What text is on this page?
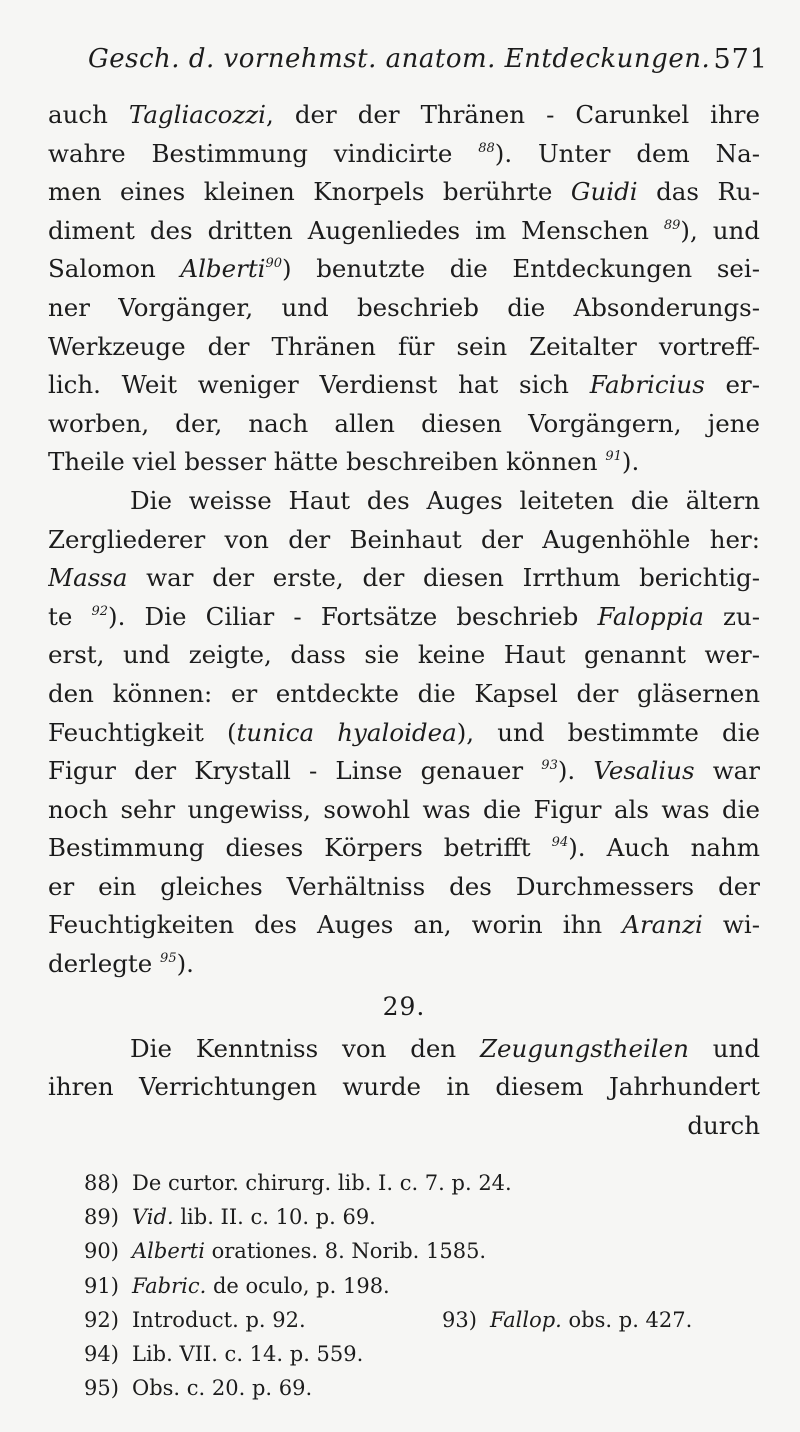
Gesch. d. vornehmst. anatom. Entdeckungen. 571
auch Tagliacozzi, der der Thränen - Carunkel ihre
wahre Bestimmung vindicirte $^{88}$). Unter dem Na-
men eines kleinen Knorpels berührte Guidi das Ru-
diment des dritten Augenliedes im Menschen $^{89}$), und
Salomon Alberti$^{90}$) benutzte die Entdeckungen sei-
ner Vorgänger, und beschrieb die Absonderungs-
Werkzeuge der Thränen für sein Zeitalter vortreff-
lich. Weit weniger Verdienst hat sich Fabricius er-
worben, der, nach allen diesen Vorgängern, jene
Theile viel besser hätte beschreiben können $^{91}$).
Die weisse Haut des Auges leiteten die ältern
Zergliederer von der Beinhaut der Augenhöhle her:
Massa war der erste, der diesen Irrthum berichtig-
te $^{92}$). Die Ciliar - Fortsätze beschrieb Faloppia zu-
erst, und zeigte, dass sie keine Haut genannt wer-
den können: er entdeckte die Kapsel der gläsernen
Feuchtigkeit (tunica hyaloidea), und bestimmte die
Figur der Krystall - Linse genauer $^{93}$). Vesalius war
noch sehr ungewiss, sowohl was die Figur als was die
Bestimmung dieses Körpers betrifft $^{94}$). Auch nahm
er ein gleiches Verhältniss des Durchmessers der
Feuchtigkeiten des Auges an, worin ihn Aranzi wi-
derlegte $^{95}$).
29.
Die Kenntniss von den Zeugungstheilen und
ihren Verrichtungen wurde in diesem Jahrhundert
durch
88) De curtor. chirurg. lib. I. c. 7. p. 24.
89) Vid. lib. II. c. 10. p. 69.
90) Alberti orationes. 8. Norib. 1585.
91) Fabric. de oculo, p. 198.
92) Introduct. p. 92.
94) Lib. VII. c. 14. p. 559.
95) Obs. c. 20. p. 69.
93) Fallop. obs. p. 427.
